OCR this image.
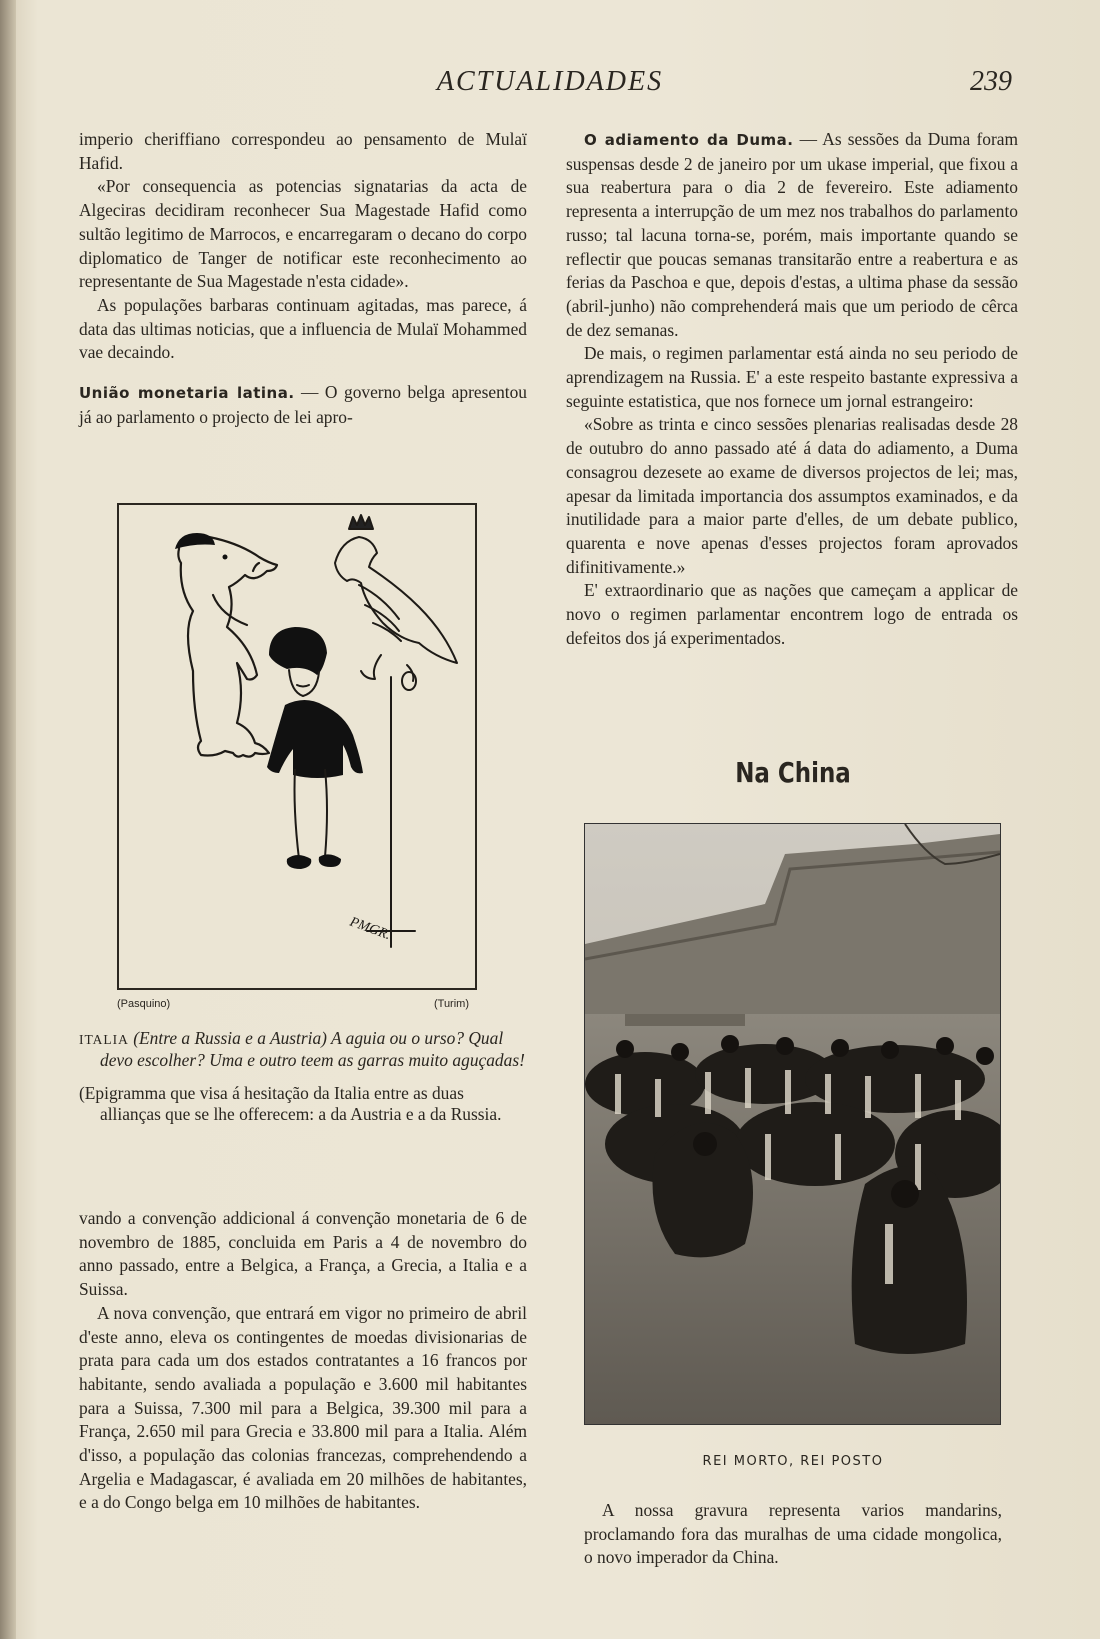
ACTUALIDADES	239

imperio cheriffiano correspondeu ao pensamento de Mulaï Hafid.

«Por consequencia as potencias signatarias da acta de Algeciras decidiram reconhecer Sua Magestade Hafid como sultão legitimo de Marrocos, e encarregaram o decano do corpo diplomatico de Tanger de notificar este reconhecimento ao representante de Sua Magestade n'esta cidade».

As populações barbaras continuam agitadas, mas parece, á data das ultimas noticias, que a influencia de Mulaï Mohammed vae decaindo.

União monetaria latina. — O governo belga apresentou já ao parlamento o projecto de lei apro-

PMGR.
(Pasquino)	(Turim)

ITALIA (Entre a Russia e a Austria) A aguia ou o urso? Qual devo escolher? Uma e outro teem as garras muito aguçadas!

(Epigramma que visa á hesitação da Italia entre as duas allianças que se lhe offerecem: a da Austria e a da Russia.

vando a convenção addicional á convenção monetaria de 6 de novembro de 1885, concluida em Paris a 4 de novembro do anno passado, entre a Belgica, a França, a Grecia, a Italia e a Suissa.

A nova convenção, que entrará em vigor no primeiro de abril d'este anno, eleva os contingentes de moedas divisionarias de prata para cada um dos estados contratantes a 16 francos por habitante, sendo avaliada a população e 3.600 mil habitantes para a Suissa, 7.300 mil para a Belgica, 39.300 mil para a França, 2.650 mil para Grecia e 33.800 mil para a Italia. Além d'isso, a população das colonias francezas, comprehendendo a Argelia e Madagascar, é avaliada em 20 milhões de habitantes, e a do Congo belga em 10 milhões de habitantes.

O adiamento da Duma. — As sessões da Duma foram suspensas desde 2 de janeiro por um ukase imperial, que fixou a sua reabertura para o dia 2 de fevereiro. Este adiamento representa a interrupção de um mez nos trabalhos do parlamento russo; tal lacuna torna-se, porém, mais importante quando se reflectir que poucas semanas transitarão entre a reabertura e as ferias da Paschoa e que, depois d'estas, a ultima phase da sessão (abril-junho) não comprehenderá mais que um periodo de cêrca de dez semanas.

De mais, o regimen parlamentar está ainda no seu periodo de aprendizagem na Russia. E' a este respeito bastante expressiva a seguinte estatistica, que nos fornece um jornal estrangeiro:

«Sobre as trinta e cinco sessões plenarias realisadas desde 28 de outubro do anno passado até á data do adiamento, a Duma consagrou dezesete ao exame de diversos projectos de lei; mas, apesar da limitada importancia dos assumptos examinados, e da inutilidade para a maior parte d'elles, de um debate publico, quarenta e nove apenas d'esses projectos foram aprovados difinitivamente.»

E' extraordinario que as nações que cameçam a applicar de novo o regimen parlamentar encontrem logo de entrada os defeitos dos já experimentados.

Na China
REI MORTO, REI POSTO

A nossa gravura representa varios mandarins, proclamando fora das muralhas de uma cidade mongolica, o novo imperador da China.
